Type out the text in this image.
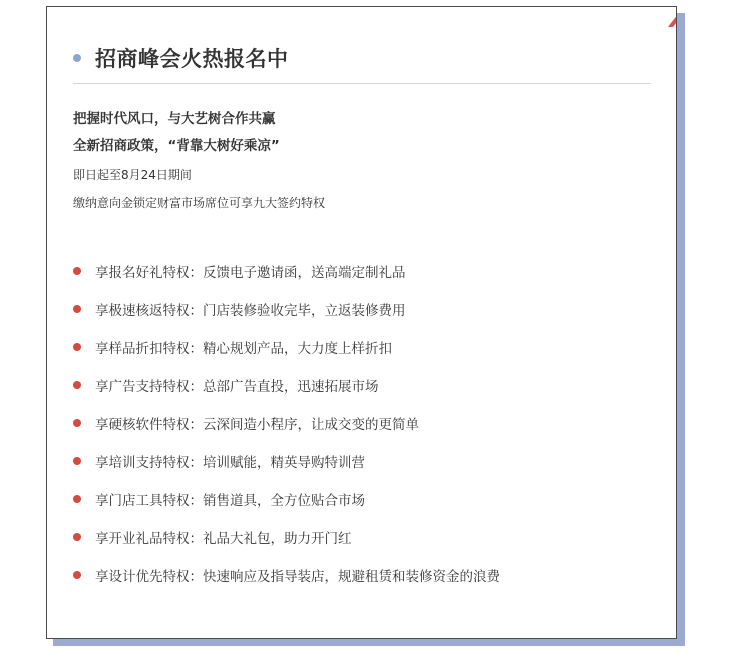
招商峰会火热报名中
把握时代风口，与大艺树合作共赢
全新招商政策，“背靠大树好乘凉”
即日起至8月24日期间
缴纳意向金锁定财富市场席位可享九大签约特权
享报名好礼特权：反馈电子邀请函，送高端定制礼品
享极速核返特权：门店装修验收完毕，立返装修费用
享样品折扣特权：精心规划产品，大力度上样折扣
享广告支持特权：总部广告直投，迅速拓展市场
享硬核软件特权：云深间造小程序，让成交变的更简单
享培训支持特权：培训赋能，精英导购特训营
享门店工具特权：销售道具，全方位贴合市场
享开业礼品特权：礼品大礼包，助力开门红
享设计优先特权：快速响应及指导装店，规避租赁和装修资金的浪费
